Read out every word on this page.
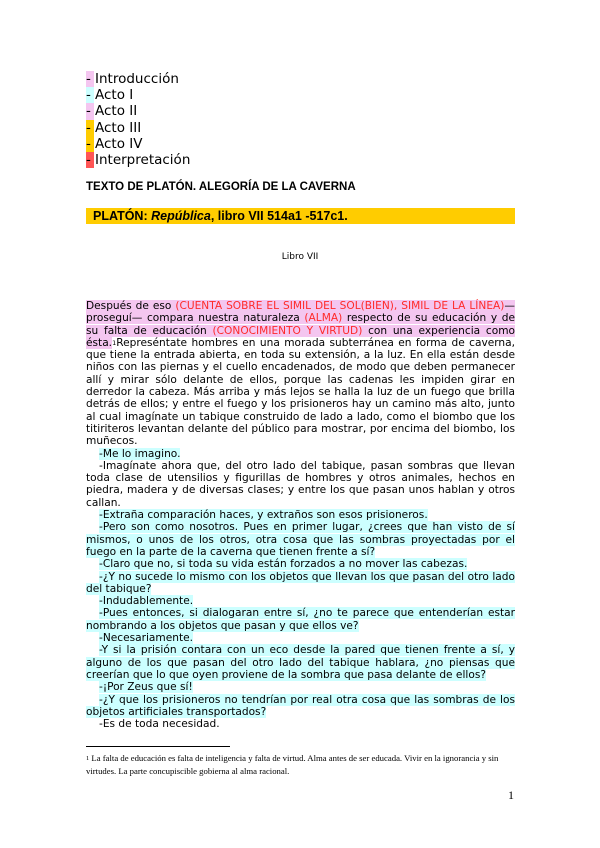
- Introducción
- Acto I
- Acto II
- Acto III
- Acto IV
- Interpretación
TEXTO DE PLATÓN. ALEGORÍA DE LA CAVERNA
PLATÓN: República, libro VII 514a1 -517c1.
Libro VII

Después de eso (CUENTA SOBRE EL SIMIL DEL SOL(BIEN), SIMIL DE LA LÍNEA)—proseguí— compara nuestra naturaleza (ALMA) respecto de su educación y de su falta de educación (CONOCIMIENTO Y VIRTUD) con una experiencia como ésta.$^1$Represéntate hombres en una morada subterránea en forma de caverna, que tiene la entrada abierta, en toda su extensión, a la luz. En ella están desde niños con las piernas y el cuello encadenados, de modo que deben permanecer allí y mirar sólo delante de ellos, porque las cadenas les impiden girar en derredor la cabeza. Más arriba y más lejos se halla la luz de un fuego que brilla detrás de ellos; y entre el fuego y los prisioneros hay un camino más alto, junto al cual imagínate un tabique construido de lado a lado, como el biombo que los titiriteros levantan delante del público para mostrar, por encima del biombo, los muñecos.

-Me lo imagino.

-Imagínate ahora que, del otro lado del tabique, pasan sombras que llevan toda clase de utensilios y figurillas de hombres y otros animales, hechos en piedra, madera y de diversas clases; y entre los que pasan unos hablan y otros callan.

-Extraña comparación haces, y extraños son esos prisioneros.

-Pero son como nosotros. Pues en primer lugar, ¿crees que han visto de sí mismos, o unos de los otros, otra cosa que las sombras proyectadas por el fuego en la parte de la caverna que tienen frente a sí?

-Claro que no, si toda su vida están forzados a no mover las cabezas.

-¿Y no sucede lo mismo con los objetos que llevan los que pasan del otro lado del tabique?

-Indudablemente.

-Pues entonces, si dialogaran entre sí, ¿no te parece que entenderían estar nombrando a los objetos que pasan y que ellos ve?

-Necesariamente.

-Y si la prisión contara con un eco desde la pared que tienen frente a sí, y alguno de los que pasan del otro lado del tabique hablara, ¿no piensas que creerían que lo que oyen proviene de la sombra que pasa delante de ellos?

-¡Por Zeus que sí!

-¿Y que los prisioneros no tendrían por real otra cosa que las sombras de los objetos artificiales transportados?

-Es de toda necesidad.

$^1$ La falta de educación es falta de inteligencia y falta de virtud. Alma antes de ser educada. Vivir en la ignorancia y sin virtudes. La parte concupiscible gobierna al alma racional.
1
